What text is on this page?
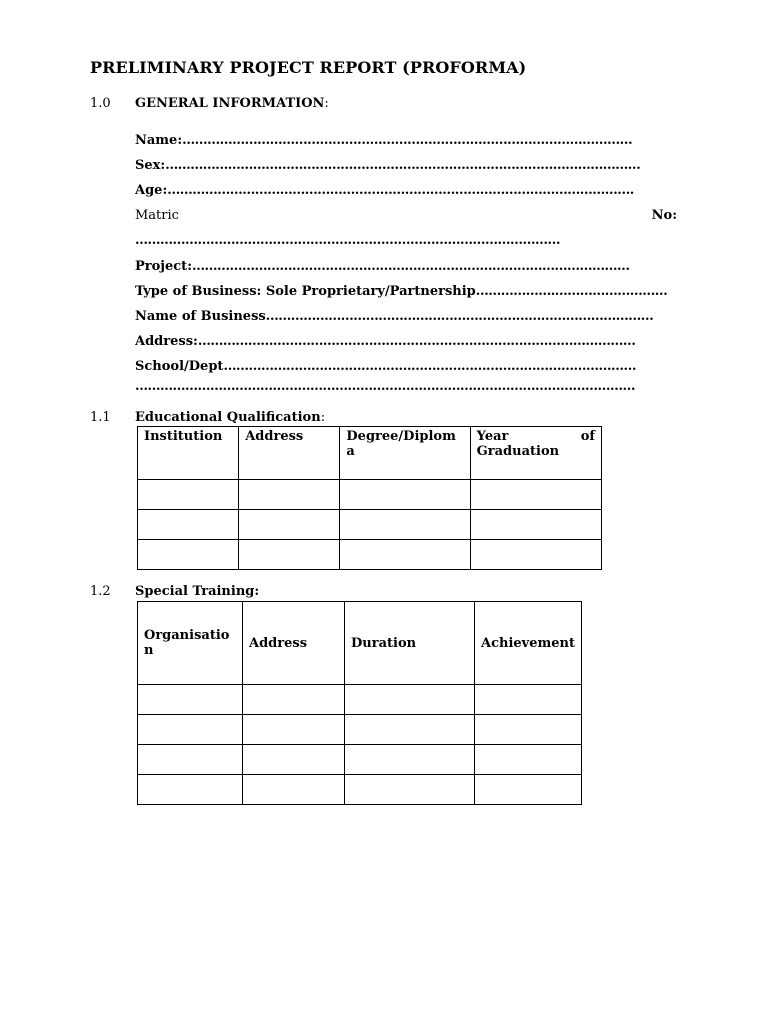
PRELIMINARY PROJECT REPORT (PROFORMA)
1.0 GENERAL INFORMATION:
Name:………………………………………………………………………………………………
Sex:……………………………………………………………………………………………………
Age:………………………………………………………………………………………………….
Matric	No:
…………………………………………………………………………………………
Project:……………………………………………………………………………………………
Type of Business: Sole Proprietary/Partnership……………….………………………
Name of Business…………………………………………………………………………………
Address:……………………………………………………………………………………………
School/Dept………………………………………………………………………………………
…………………………………………………………………………………………………………
1.1 Educational Qualification:
Institution	Address	Degree/Diplom a	Year of
Graduation

1.2 Special Training:
Organisatio n	Address	Duration	Achievement
